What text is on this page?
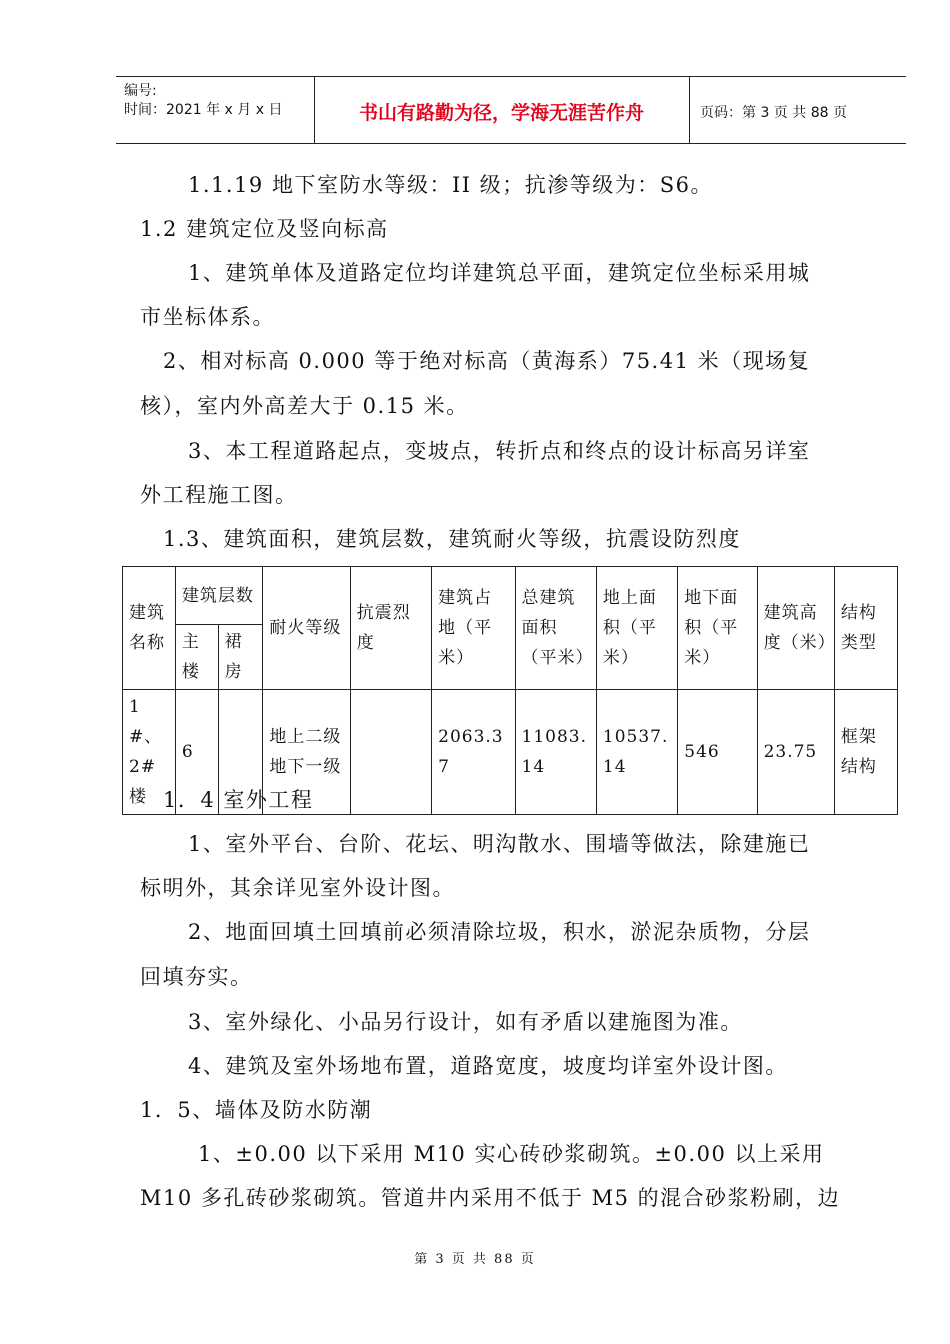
编号:
时间：2021 年 x 月 x 日	书山有路勤为径，学海无涯苦作舟	页码：第 3 页 共 88 页
1.1.19 地下室防水等级：II 级；抗渗等级为：S6。
1.2 建筑定位及竖向标高
1、建筑单体及道路定位均详建筑总平面，建筑定位坐标采用城
市坐标体系。
2、相对标高 0.000 等于绝对标高（黄海系）75.41 米（现场复
核），室内外高差大于 0.15 米。
3、本工程道路起点，变坡点，转折点和终点的设计标高另详室
外工程施工图。
1.3、建筑面积，建筑层数，建筑耐火等级，抗震设防烈度
建筑名称	建筑层数		耐火等级	抗震烈度	建筑占地（平米）	总建筑面积（平米）	地上面积（平米）	地下面积（平米）	建筑高度（米）	结构类型
	主楼	裙房								
1#、2#楼	6		地上二级地下一级		2063.37	11083.14	10537.14	546	23.75	框架结构
1．4 室外工程
1、室外平台、台阶、花坛、明沟散水、围墙等做法，除建施已
标明外，其余详见室外设计图。
2、地面回填土回填前必须清除垃圾，积水，淤泥杂质物，分层
回填夯实。
3、室外绿化、小品另行设计，如有矛盾以建施图为准。
4、建筑及室外场地布置，道路宽度，坡度均详室外设计图。
1．5、墙体及防水防潮
1、±0.00 以下采用 M10 实心砖砂浆砌筑。±0.00 以上采用
M10 多孔砖砂浆砌筑。管道井内采用不低于 M5 的混合砂浆粉刷，边
第 3 页 共 88 页
